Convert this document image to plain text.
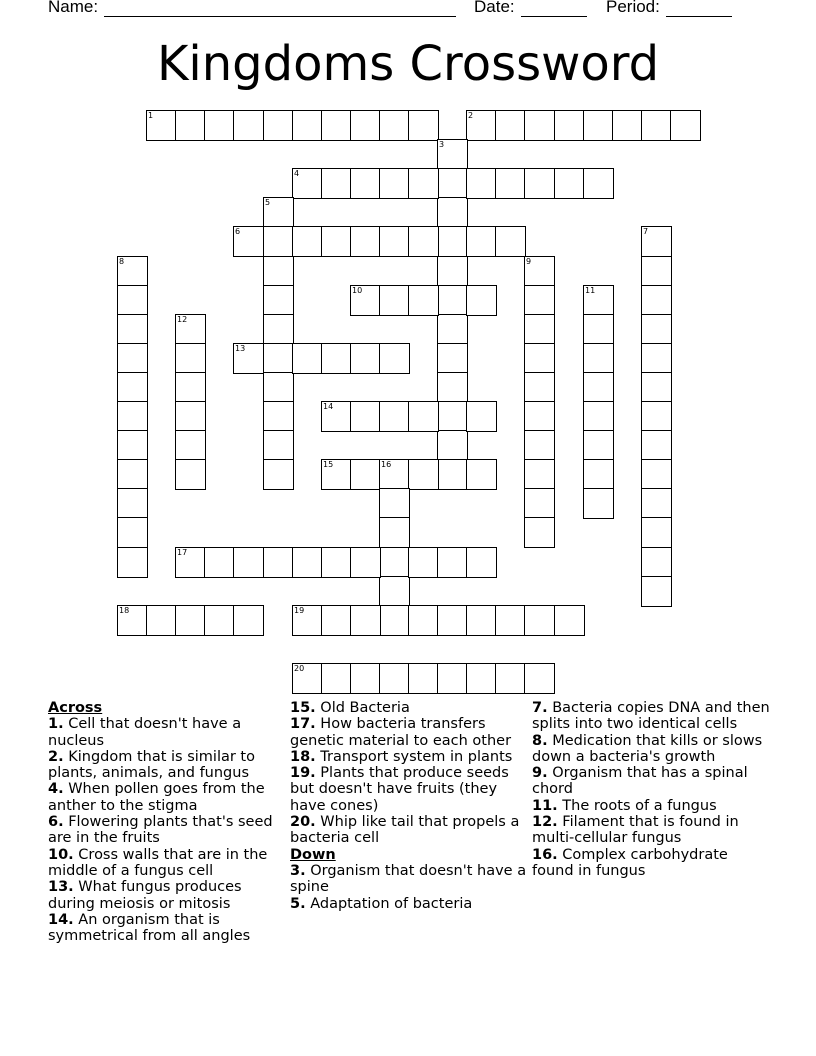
Name:	Date:	Period:
Kingdoms Crossword
1	2
3
4
5
6	7
8	9
10	11
12
13
14
15	16
17
18	19
20
Across
1. Cell that doesn't have a nucleus
2. Kingdom that is similar to plants, animals, and fungus
4. When pollen goes from the anther to the stigma
6. Flowering plants that's seed are in the fruits
10. Cross walls that are in the middle of a fungus cell
13. What fungus produces during meiosis or mitosis
14. An organism that is symmetrical from all angles
15. Old Bacteria
17. How bacteria transfers genetic material to each other
18. Transport system in plants
19. Plants that produce seeds but doesn't have fruits (they have cones)
20. Whip like tail that propels a bacteria cell
Down
3. Organism that doesn't have a spine
5. Adaptation of bacteria
7. Bacteria copies DNA and then splits into two identical cells
8. Medication that kills or slows down a bacteria's growth
9. Organism that has a spinal chord
11. The roots of a fungus
12. Filament that is found in multi-cellular fungus
16. Complex carbohydrate found in fungus
